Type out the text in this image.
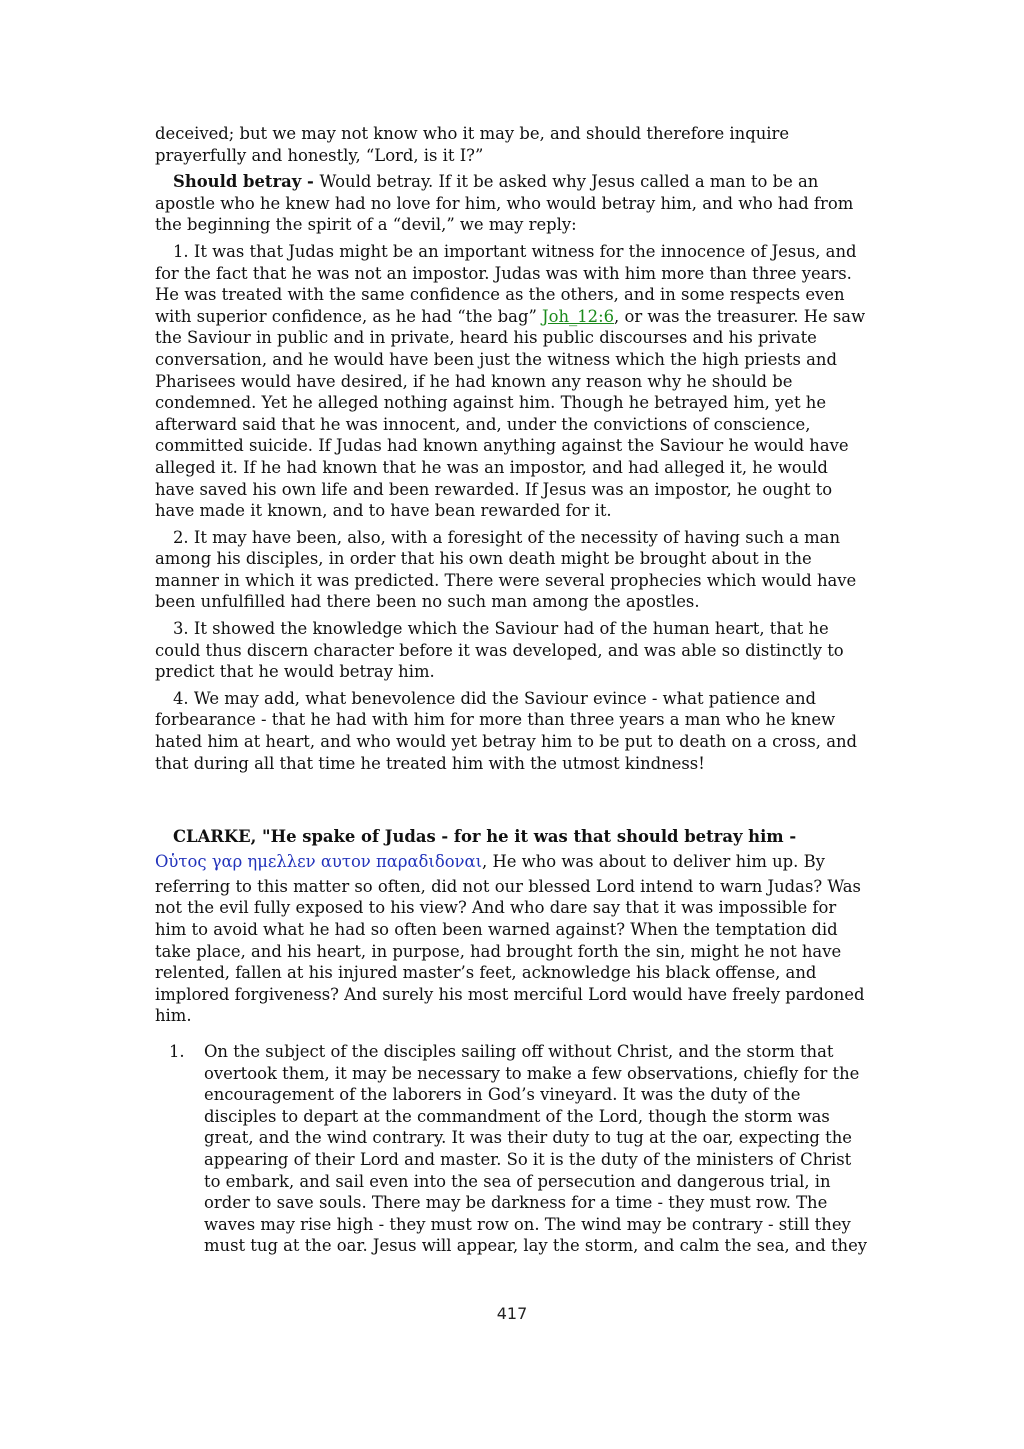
deceived; but we may not know who it may be, and should therefore inquire prayerfully and honestly, “Lord, is it I?”

Should betray - Would betray. If it be asked why Jesus called a man to be an apostle who he knew had no love for him, who would betray him, and who had from the beginning the spirit of a “devil,” we may reply:

1. It was that Judas might be an important witness for the innocence of Jesus, and for the fact that he was not an impostor. Judas was with him more than three years. He was treated with the same confidence as the others, and in some respects even with superior confidence, as he had “the bag” Joh_12:6, or was the treasurer. He saw the Saviour in public and in private, heard his public discourses and his private conversation, and he would have been just the witness which the high priests and Pharisees would have desired, if he had known any reason why he should be condemned. Yet he alleged nothing against him. Though he betrayed him, yet he afterward said that he was innocent, and, under the convictions of conscience, committed suicide. If Judas had known anything against the Saviour he would have alleged it. If he had known that he was an impostor, and had alleged it, he would have saved his own life and been rewarded. If Jesus was an impostor, he ought to have made it known, and to have bean rewarded for it.

2. It may have been, also, with a foresight of the necessity of having such a man among his disciples, in order that his own death might be brought about in the manner in which it was predicted. There were several prophecies which would have been unfulfilled had there been no such man among the apostles.

3. It showed the knowledge which the Saviour had of the human heart, that he could thus discern character before it was developed, and was able so distinctly to predict that he would betray him.

4. We may add, what benevolence did the Saviour evince - what patience and forbearance - that he had with him for more than three years a man who he knew hated him at heart, and who would yet betray him to be put to death on a cross, and that during all that time he treated him with the utmost kindness!

CLARKE, "He spake of Judas - for he it was that should betray him -

Οὑτος γαρ ημελλεν αυτον παραδιδοναι, He who was about to deliver him up. By

referring to this matter so often, did not our blessed Lord intend to warn Judas? Was not the evil fully exposed to his view? And who dare say that it was impossible for him to avoid what he had so often been warned against? When the temptation did take place, and his heart, in purpose, had brought forth the sin, might he not have relented, fallen at his injured master’s feet, acknowledge his black offense, and implored forgiveness? And surely his most merciful Lord would have freely pardoned him.

1. On the subject of the disciples sailing off without Christ, and the storm that overtook them, it may be necessary to make a few observations, chiefly for the encouragement of the laborers in God’s vineyard. It was the duty of the disciples to depart at the commandment of the Lord, though the storm was great, and the wind contrary. It was their duty to tug at the oar, expecting the appearing of their Lord and master. So it is the duty of the ministers of Christ to embark, and sail even into the sea of persecution and dangerous trial, in order to save souls. There may be darkness for a time - they must row. The waves may rise high - they must row on. The wind may be contrary - still they must tug at the oar. Jesus will appear, lay the storm, and calm the sea, and they
417
